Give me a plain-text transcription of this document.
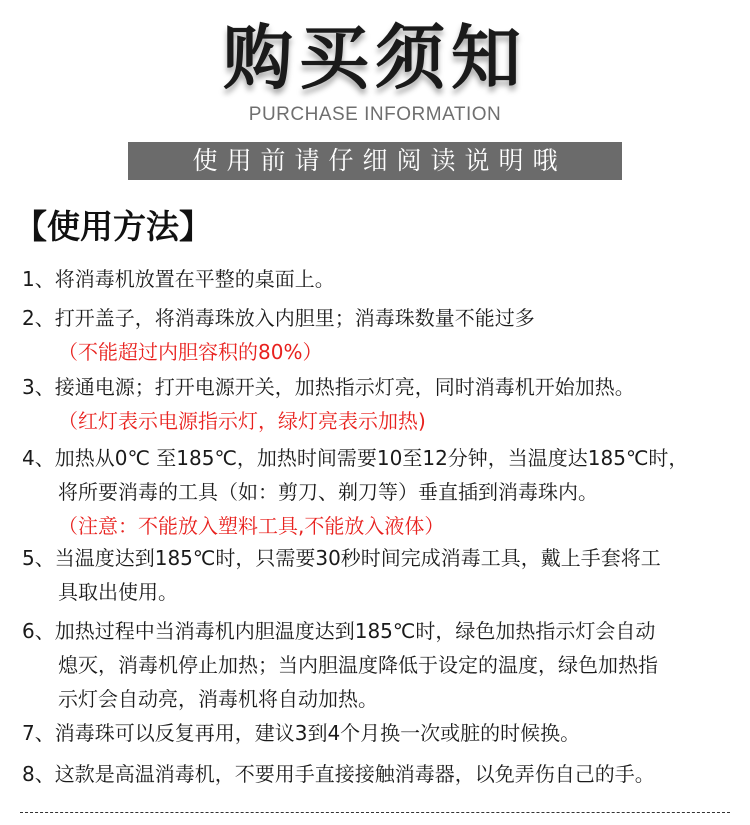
购买须知
PURCHASE INFORMATION
使用前请仔细阅读说明哦
【使用方法】
1、将消毒机放置在平整的桌面上。
2、打开盖子，将消毒珠放入内胆里；消毒珠数量不能过多
（不能超过内胆容积的80%）
3、接通电源；打开电源开关，加热指示灯亮，同时消毒机开始加热。
（红灯表示电源指示灯，绿灯亮表示加热)
4、加热从0℃ 至185℃，加热时间需要10至12分钟，当温度达185℃时，
将所要消毒的工具（如：剪刀、剃刀等）垂直插到消毒珠内。
（注意：不能放入塑料工具,不能放入液体）
5、当温度达到185℃时，只需要30秒时间完成消毒工具，戴上手套将工
具取出使用。
6、加热过程中当消毒机内胆温度达到185℃时，绿色加热指示灯会自动
熄灭，消毒机停止加热；当内胆温度降低于设定的温度，绿色加热指
示灯会自动亮，消毒机将自动加热。
7、消毒珠可以反复再用，建议3到4个月换一次或脏的时候换。
8、这款是高温消毒机，不要用手直接接触消毒器，以免弄伤自己的手。
